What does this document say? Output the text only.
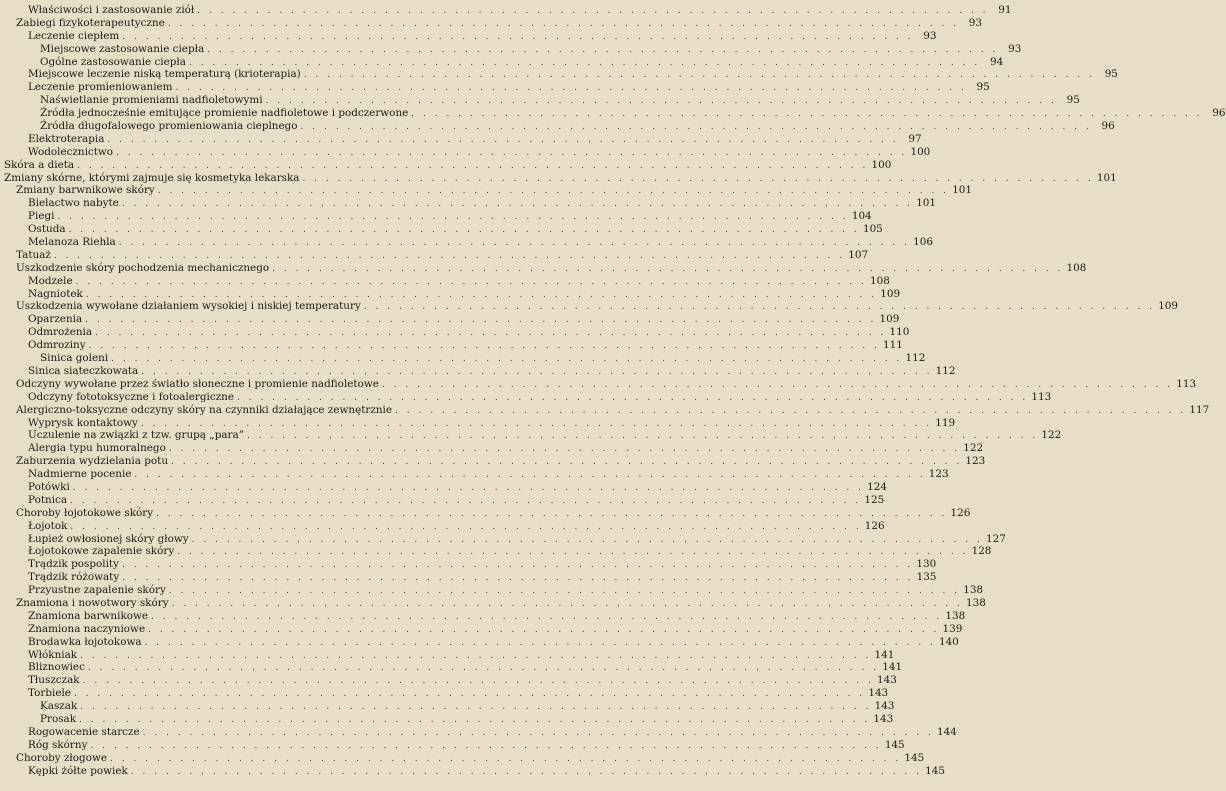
Właściwości i zastosowanie ziół . . .	91
Zabiegi fizykoterapeutyczne . . .	93
Leczenie ciepłem . . .	93
Miejscowe zastosowanie ciepła . . .	93
Ogólne zastosowanie ciepła . . .	94
Miejscowe leczenie niską temperaturą (krioterapia) . . .	95
Leczenie promieniowaniem . . .	95
Naświetlanie promieniami nadfioletowymi . . .	95
Źródła jednocześnie emitujące promienie nadfioletowe i podczerwone . . .	96
Źródła długofalowego promieniowania cieplnego . . .	96
Elektroterapia . . .	97
Wodolecznictwo . . .	100
Skóra a dieta . . .	100
Zmiany skórne, którymi zajmuje się kosmetyka lekarska . . .	101
Zmiany barwnikowe skóry . . .	101
Bielactwo nabyte . . .	101
Piegi . . .	104
Ostuda . . .	105
Melanoza Riehla . . .	106
Tatuaż . . .	107
Uszkodzenie skóry pochodzenia mechanicznego . . .	108
Modzele . . .	108
Nagniotek . . .	109
Uszkodzenia wywołane działaniem wysokiej i niskiej temperatury . . .	109
Oparzenia . . .	109
Odmrożenia . . .	110
Odmroziny . . .	111
Sinica goleni . . .	112
Sinica siateczkowata . . .	112
Odczyny wywołane przez światło słoneczne i promienie nadfioletowe . . .	113
Odczyny fototoksyczne i fotoalergiczne . . .	113
Alergiczno-toksyczne odczyny skóry na czynniki działające zewnętrznie . . .	117
Wyprysk kontaktowy . . .	119
Uczulenie na związki z tzw. grupą „para” . . .	122
Alergia typu humoralnego . . .	122
Zaburzenia wydzielania potu . . .	123
Nadmierne pocenie . . .	123
Potówki . . .	124
Potnica . . .	125
Choroby łojotokowe skóry . . .	126
Łojotok . . .	126
Łupież owłosionej skóry głowy . . .	127
Łojotokowe zapalenie skóry . . .	128
Trądzik pospolity . . .	130
Trądzik różowaty . . .	135
Przyustne zapalenie skóry . . .	138
Znamiona i nowotwory skóry . . .	138
Znamiona barwnikowe . . .	138
Znamiona naczyniowe . . .	139
Brodawka łojotokowa . . .	140
Włókniak . . .	141
Bliznowiec . . .	141
Tłuszczak . . .	143
Torbiele . . .	143
Kaszak . . .	143
Prosak . . .	143
Rogowacenie starcze . . .	144
Róg skórny . . .	145
Choroby złogowe . . .	145
Kępki żółte powiek . . .	145
